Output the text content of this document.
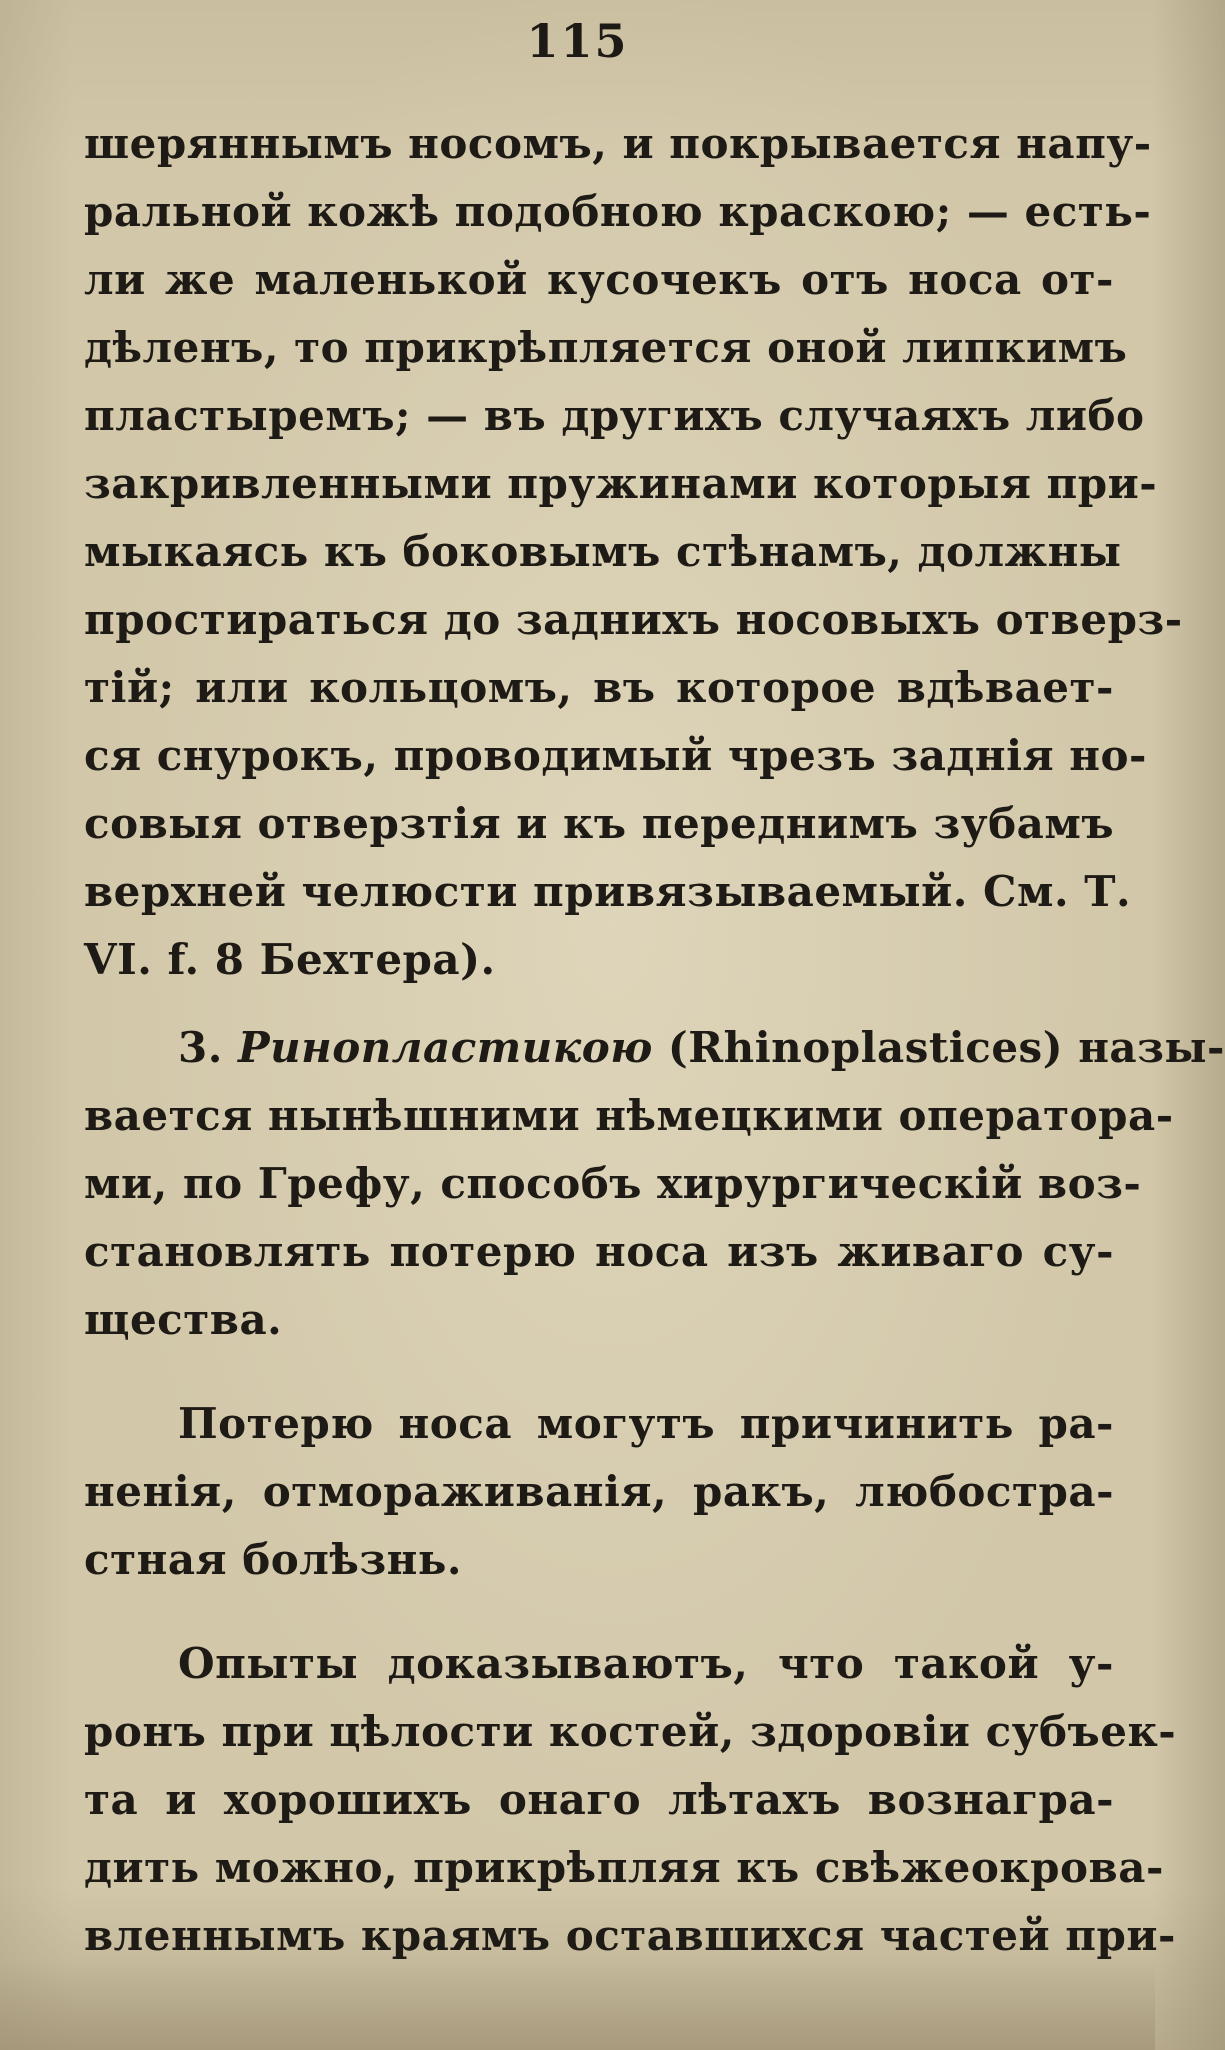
115
шеряннымъ носомъ, и покрывается напу-
ральной кожѣ подобною краскою; — есть-
ли же маленькой кусочекъ отъ носа от-
дѣленъ, то прикрѣпляется оной липкимъ
пластыремъ; — въ другихъ случаяхъ либо
закривленными пружинами которыя при-
мыкаясь къ боковымъ стѣнамъ, должны
простираться до заднихъ носовыхъ отверз-
тій; или кольцомъ, въ которое вдѣвает-
ся снурокъ, проводимый чрезъ заднія но-
совыя отверзтія и къ переднимъ зубамъ
верхней челюсти привязываемый. См. Т.
VI. f. 8 Бехтера).
3. Ринопластикою (Rhinoplastices) назы-
вается нынѣшними нѣмецкими операторa-
ми, по Грефу, способъ хирургическій воз-
становлять потерю носа изъ живаго су-
щества.
Потерю носа могутъ причинить ра-
ненія, отмораживанія, ракъ, любостра-
стная болѣзнь.
Опыты доказываютъ, что такой у-
ронъ при цѣлости костей, здоровіи субъек-
та и хорошихъ онаго лѣтахъ вознагра-
дить можно, прикрѣпляя къ свѣжеокрова-
вленнымъ краямъ оставшихся частей при-
